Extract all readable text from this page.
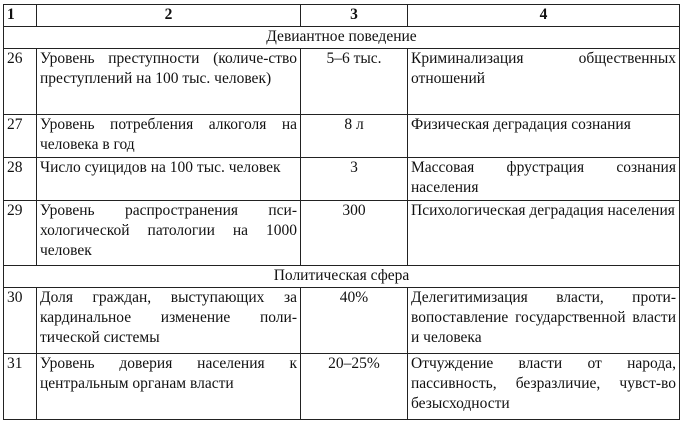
1	2	3	4
Девиантное поведение			
26	Уровень преступности (количе-ство преступлений на 100 тыс. человек)	5–6 тыс.	Криминализация общественных отношений
27	Уровень потребления алкоголя на человека в год	8 л	Физическая деградация сознания
28	Число суицидов на 100 тыс. человек	3	Массовая фрустрация сознания населения
29	Уровень распространения пси-хологической патологии на 1000 человек	300	Психологическая деградация населения
Политическая сфера			
30	Доля граждан, выступающих за кардинальное изменение поли-тической системы	40%	Делегитимизация власти, проти-вопоставление государственной власти и человека
31	Уровень доверия населения к центральным органам власти	20–25%	Отчуждение власти от народа, пассивность, безразличие, чувст-во безысходности
